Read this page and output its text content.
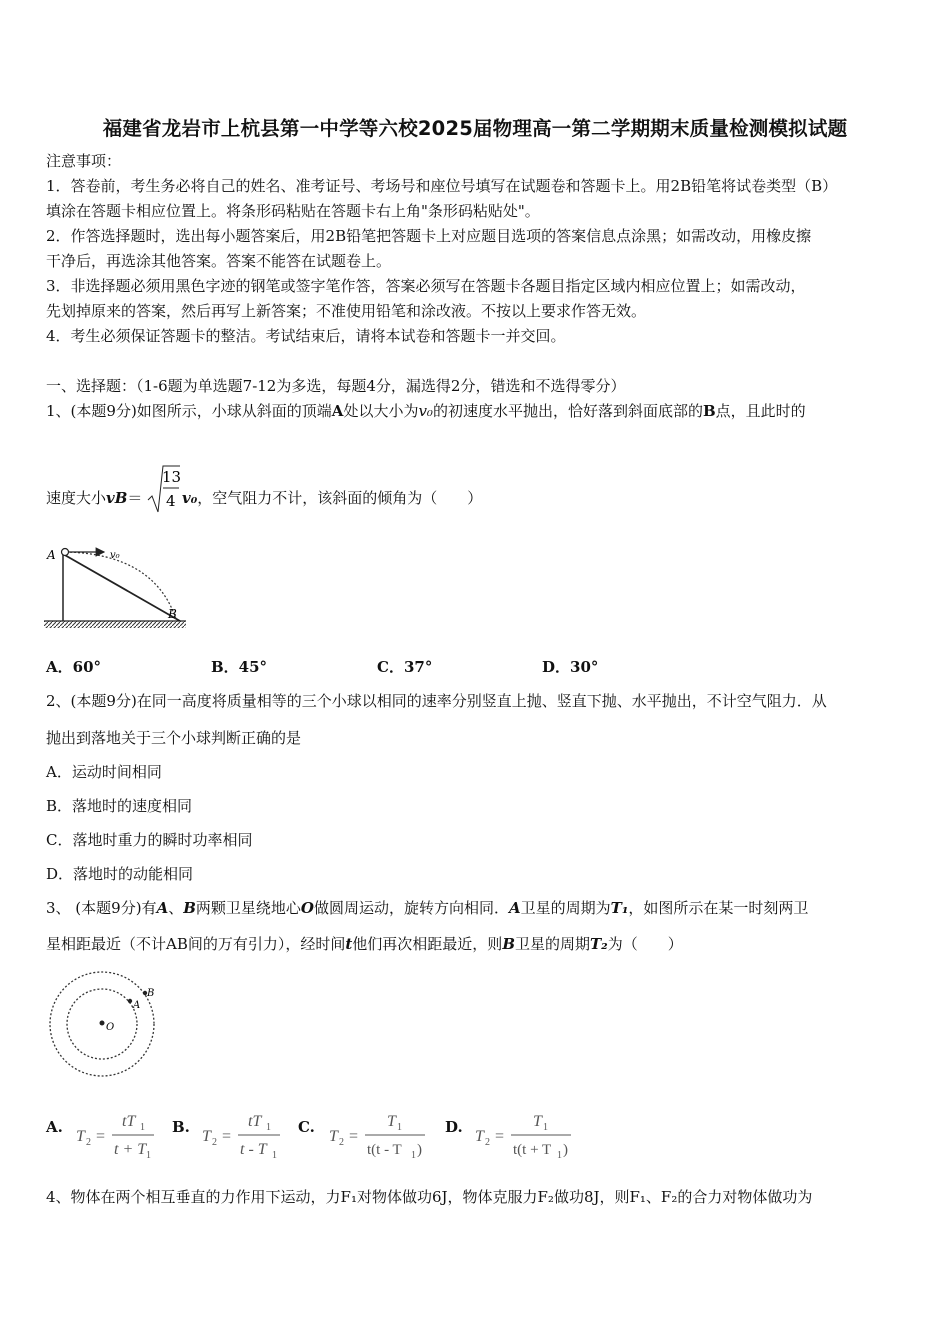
福建省龙岩市上杭县第一中学等六校2025届物理高一第二学期期末质量检测模拟试题
注意事项：
1．答卷前，考生务必将自己的姓名、准考证号、考场号和座位号填写在试题卷和答题卡上。用2B铅笔将试卷类型（B）
填涂在答题卡相应位置上。将条形码粘贴在答题卡右上角"条形码粘贴处"。
2．作答选择题时，选出每小题答案后，用2B铅笔把答题卡上对应题目选项的答案信息点涂黑；如需改动，用橡皮擦
干净后，再选涂其他答案。答案不能答在试题卷上。
3．非选择题必须用黑色字迹的钢笔或签字笔作答，答案必须写在答题卡各题目指定区域内相应位置上；如需改动，
先划掉原来的答案，然后再写上新答案；不准使用铅笔和涂改液。不按以上要求作答无效。
4．考生必须保证答题卡的整洁。考试结束后，请将本试卷和答题卡一并交回。
一、选择题：（1-6题为单选题7-12为多选，每题4分，漏选得2分，错选和不选得零分）
1、(本题9分)如图所示，小球从斜面的顶端A处以大小为v₀的初速度水平抛出，恰好落到斜面底部的B点，且此时的
速度大小vB＝
13
4 v₀，空气阻力不计，该斜面的倾角为（　　）
A	v₀
B
A．60°	B．45°	C．37°	D．30°
2、(本题9分)在同一高度将质量相等的三个小球以相同的速率分别竖直上抛、竖直下抛、水平抛出，不计空气阻力．从
抛出到落地关于三个小球判断正确的是
A．运动时间相同
B．落地时的速度相同
C．落地时重力的瞬时功率相同
D．落地时的动能相同
3、 (本题9分)有A、B两颗卫星绕地心O做圆周运动，旋转方向相同．A卫星的周期为T₁，如图所示在某一时刻两卫
星相距最近（不计AB间的万有引力），经时间t他们再次相距最近，则B卫星的周期T₂为（　　）
O
A
B
A.
T 2 =
tT 1
t + T 1
B.
T 2 =
tT 1
t - T 1
C.
T 2 =
T 1
t(t - T 1 )
D.
T 2 =
T 1
t(t + T 1 )
4、物体在两个相互垂直的力作用下运动，力F₁对物体做功6J，物体克服力F₂做功8J，则F₁、F₂的合力对物体做功为
